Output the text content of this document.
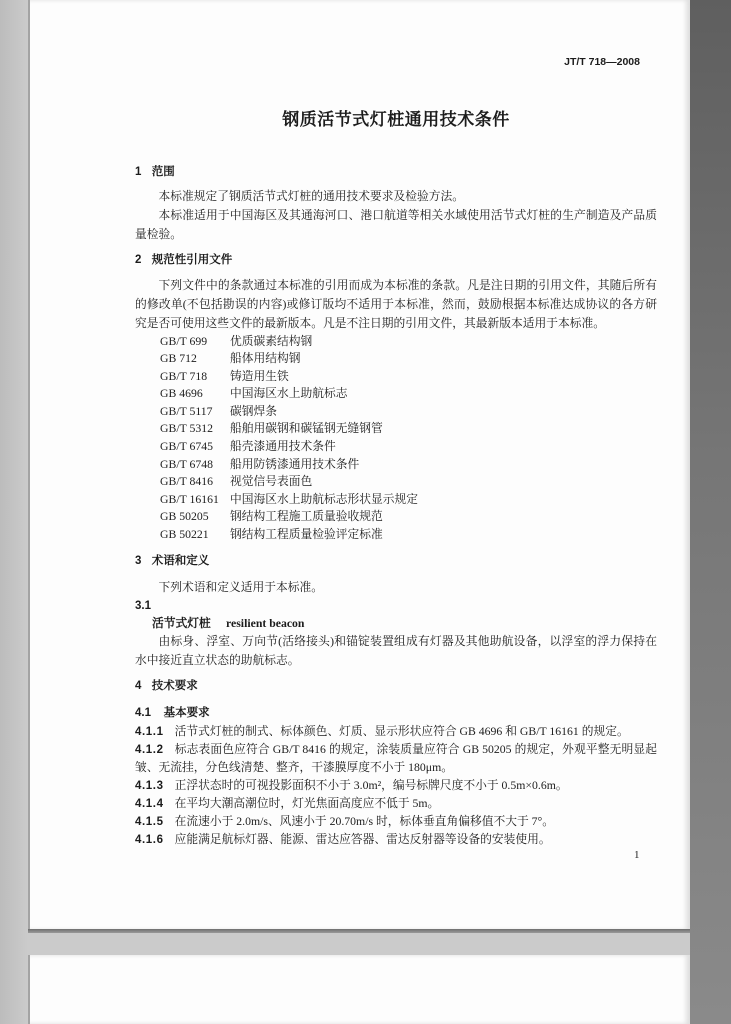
JT/T 718—2008
钢质活节式灯桩通用技术条件
1 范围
本标准规定了钢质活节式灯桩的通用技术要求及检验方法。
本标准适用于中国海区及其通海河口、港口航道等相关水域使用活节式灯桩的生产制造及产品质量检验。
2 规范性引用文件
下列文件中的条款通过本标准的引用而成为本标准的条款。凡是注日期的引用文件，其随后所有的修改单(不包括勘误的内容)或修订版均不适用于本标准，然而，鼓励根据本标准达成协议的各方研究是否可使用这些文件的最新版本。凡是不注日期的引用文件，其最新版本适用于本标准。
GB/T 699	优质碳素结构钢
GB 712	船体用结构钢
GB/T 718	铸造用生铁
GB 4696	中国海区水上助航标志
GB/T 5117	碳钢焊条
GB/T 5312	船舶用碳钢和碳锰钢无缝钢管
GB/T 6745	船壳漆通用技术条件
GB/T 6748	船用防锈漆通用技术条件
GB/T 8416	视觉信号表面色
GB/T 16161 中国海区水上助航标志形状显示规定
GB 50205	钢结构工程施工质量验收规范
GB 50221	钢结构工程质量检验评定标准
3 术语和定义
下列术语和定义适用于本标准。
3.1
活节式灯桩 resilient beacon
由标身、浮室、万向节(活络接头)和锚锭装置组成有灯器及其他助航设备，以浮室的浮力保持在水中接近直立状态的助航标志。
4 技术要求
4.1 基本要求
4.1.1 活节式灯桩的制式、标体颜色、灯质、显示形状应符合 GB 4696 和 GB/T 16161 的规定。
4.1.2 标志表面色应符合 GB/T 8416 的规定，涂装质量应符合 GB 50205 的规定，外观平整无明显起皱、无流挂，分色线清楚、整齐，干漆膜厚度不小于 180μm。
4.1.3 正浮状态时的可视投影面积不小于 3.0m²，编号标牌尺度不小于 0.5m×0.6m。
4.1.4 在平均大潮高潮位时，灯光焦面高度应不低于 5m。
4.1.5 在流速小于 2.0m/s、风速小于 20.70m/s 时，标体垂直角偏移值不大于 7°。
4.1.6 应能满足航标灯器、能源、雷达应答器、雷达反射器等设备的安装使用。
1
